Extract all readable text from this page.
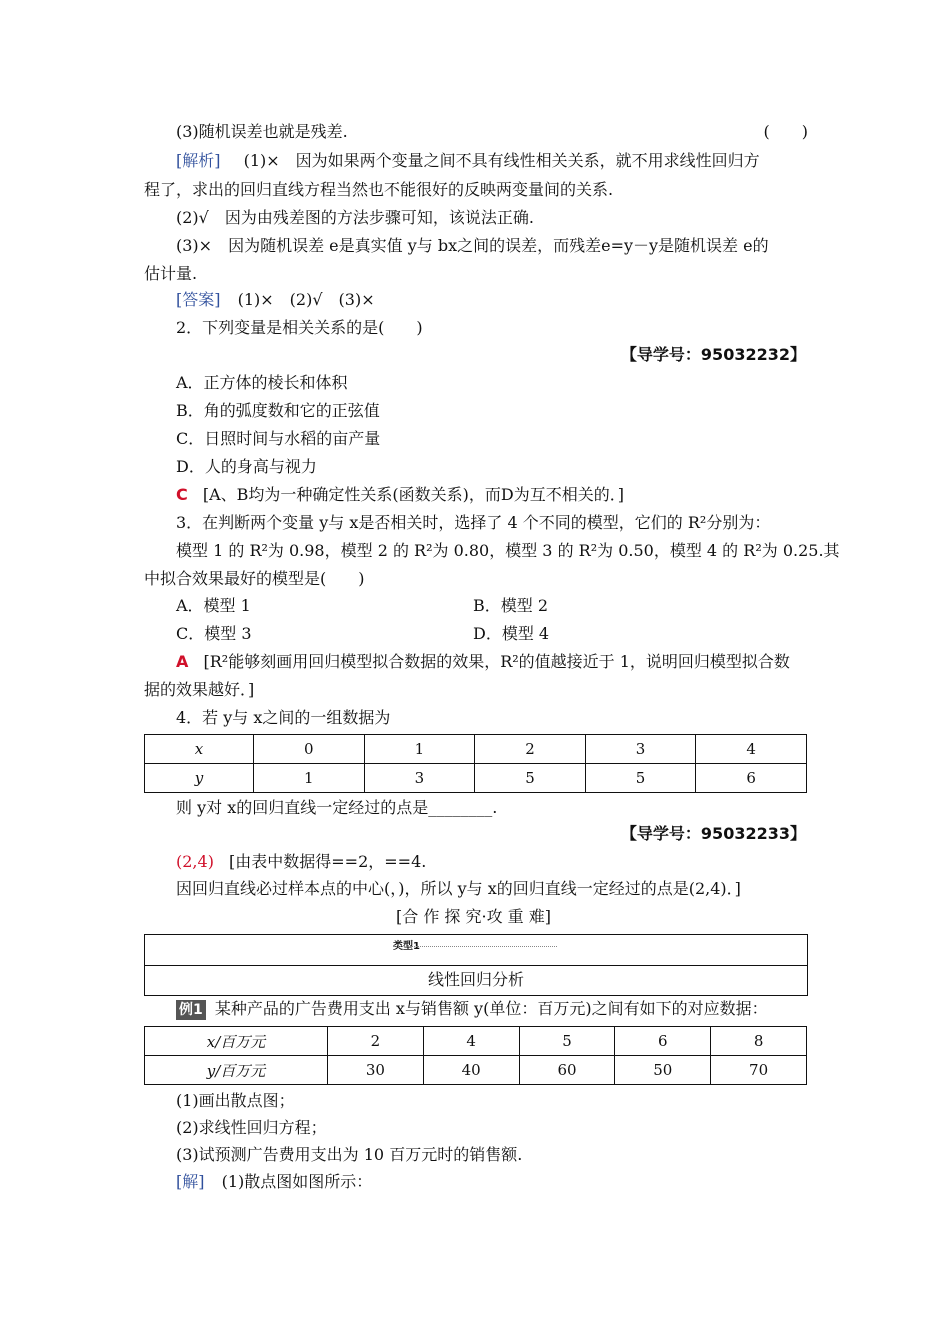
(3)随机误差也就是残差.	(　　)
[解析] (1)×　因为如果两个变量之间不具有线性相关关系，就不用求线性回归方
程了，求出的回归直线方程当然也不能很好的反映两变量间的关系.
(2)√　因为由残差图的方法步骤可知，该说法正确.
(3)×　因为随机误差 e是真实值 y与 bx之间的误差，而残差e=y－y是随机误差 e的
估计量.
[答案] (1)×　(2)√　(3)×
2．下列变量是相关关系的是(　　)
【导学号：95032232】
A．正方体的棱长和体积
B．角的弧度数和它的正弦值
C．日照时间与水稻的亩产量
D．人的身高与视力
C [A、B均为一种确定性关系(函数关系)，而D为互不相关的．]
3．在判断两个变量 y与 x是否相关时，选择了 4 个不同的模型，它们的 R²分别为：
模型 1 的 R²为 0.98，模型 2 的 R²为 0.80，模型 3 的 R²为 0.50，模型 4 的 R²为 0.25.其
中拟合效果最好的模型是(　　)
A．模型 1	B．模型 2
C．模型 3	D．模型 4
A [R²能够刻画用回归模型拟合数据的效果，R²的值越接近于 1，说明回归模型拟合数
据的效果越好．]
4．若 y与 x之间的一组数据为
x	0	1	2	3	4
y	1	3	5	5	6
则 y对 x的回归直线一定经过的点是________.
【导学号：95032233】
(2,4) [由表中数据得==2，==4.
因回归直线必过样本点的中心(，)，所以 y与 x的回归直线一定经过的点是(2,4)．]
[合 作 探 究·攻 重 难]
类型1
线性回归分析
例1 某种产品的广告费用支出 x与销售额 y(单位：百万元)之间有如下的对应数据：
x/百万元	2	4	5	6	8
y/百万元	30	40	60	50	70
(1)画出散点图；
(2)求线性回归方程；
(3)试预测广告费用支出为 10 百万元时的销售额.
[解] (1)散点图如图所示：
